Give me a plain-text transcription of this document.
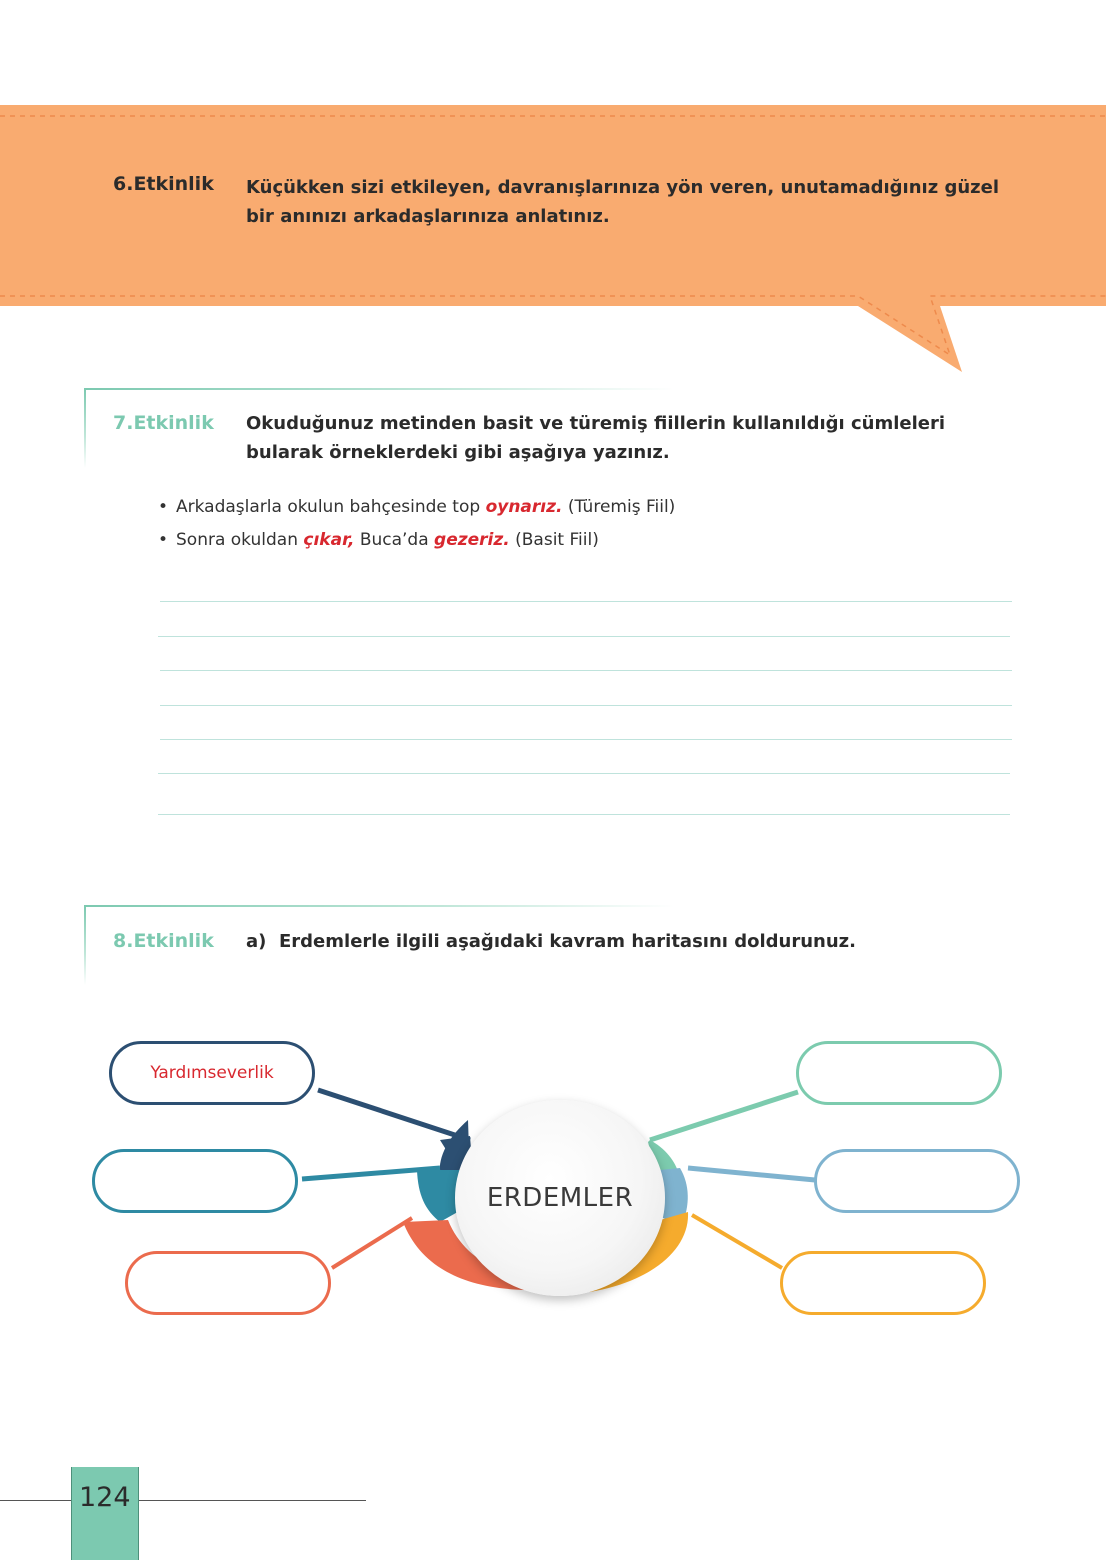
6.Etkinlik Küçükken sizi etkileyen, davranışlarınıza yön veren, unutamadığınız güzel bir anınızı arkadaşlarınıza anlatınız.
7.Etkinlik Okuduğunuz metinden basit ve türemiş fiillerin kullanıldığı cümleleri bularak örneklerdeki gibi aşağıya yazınız.
• Arkadaşlarla okulun bahçesinde top oynarız. (Türemiş Fiil)
• Sonra okuldan çıkar, Buca’da gezeriz. (Basit Fiil)
8.Etkinlik a) Erdemlerle ilgili aşağıdaki kavram haritasını doldurunuz.
Yardımseverlik
ERDEMLER
124
